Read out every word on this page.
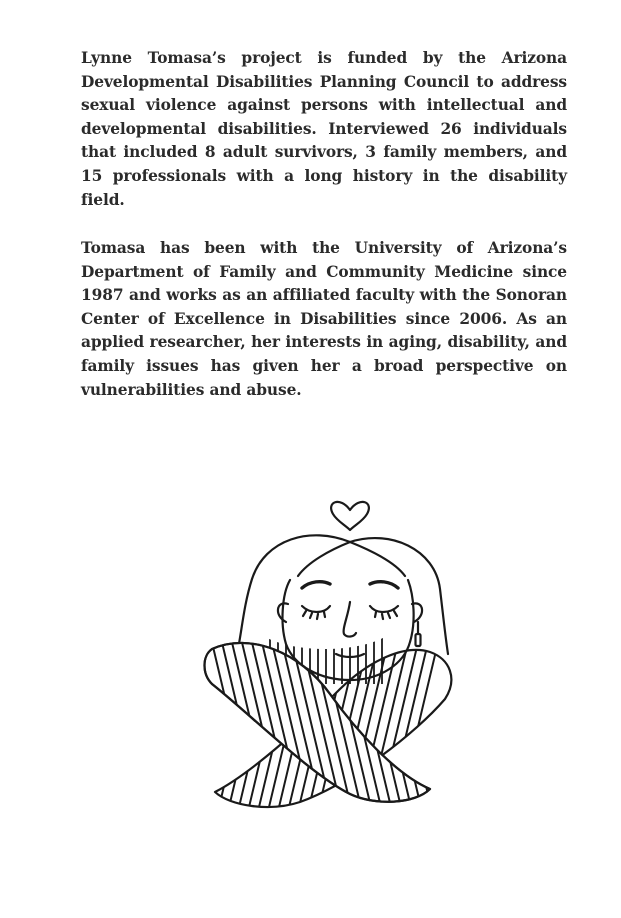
Lynne Tomasa’s project is funded by the Arizona Developmental Disabilities Planning Council to address sexual violence against persons with intellectual and developmental disabilities. Interviewed 26 individuals that included 8 adult survivors, 3 family members, and 15 professionals with a long history in the disability field.

Tomasa has been with the University of Arizona’s Department of Family and Community Medicine since 1987 and works as an affiliated faculty with the Sonoran Center of Excellence in Disabilities since 2006. As an applied researcher, her interests in aging, disability, and family issues has given her a broad perspective on vulnerabilities and abuse.
